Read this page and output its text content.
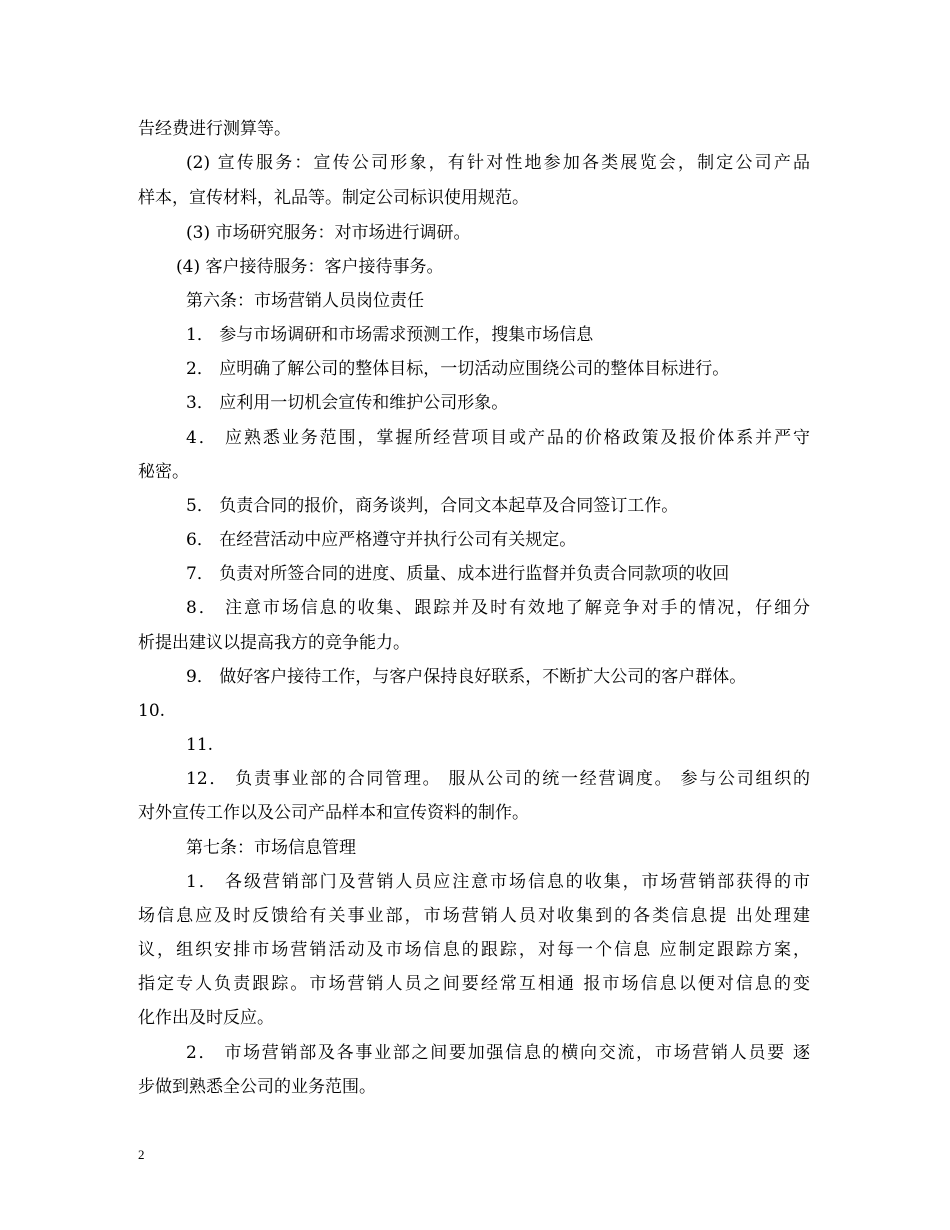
告经费进行测算等。
(2) 宣传服务：宣传公司形象，有针对性地参加各类展览会，制定公司产品
样本，宣传材料，礼品等。制定公司标识使用规范。
(3) 市场研究服务：对市场进行调研。
(4) 客户接待服务：客户接待事务。
第六条：市场营销人员岗位责任
1． 参与市场调研和市场需求预测工作，搜集市场信息
2． 应明确了解公司的整体目标，一切活动应围绕公司的整体目标进行。
3． 应利用一切机会宣传和维护公司形象。
4． 应熟悉业务范围，掌握所经营项目或产品的价格政策及报价体系并严守
秘密。
5． 负责合同的报价，商务谈判，合同文本起草及合同签订工作。
6． 在经营活动中应严格遵守并执行公司有关规定。
7． 负责对所签合同的进度、质量、成本进行监督并负责合同款项的收回
8． 注意市场信息的收集、跟踪并及时有效地了解竞争对手的情况，仔细分
析提出建议以提高我方的竞争能力。
9． 做好客户接待工作，与客户保持良好联系，不断扩大公司的客户群体。
10.
11.
12． 负责事业部的合同管理。 服从公司的统一经营调度。 参与公司组织的
对外宣传工作以及公司产品样本和宣传资料的制作。
第七条：市场信息管理
1． 各级营销部门及营销人员应注意市场信息的收集，市场营销部获得的市
场信息应及时反馈给有关事业部，市场营销人员对收集到的各类信息提 出处理建
议，组织安排市场营销活动及市场信息的跟踪，对每一个信息 应制定跟踪方案，
指定专人负责跟踪。市场营销人员之间要经常互相通 报市场信息以便对信息的变
化作出及时反应。
2． 市场营销部及各事业部之间要加强信息的横向交流，市场营销人员要 逐
步做到熟悉全公司的业务范围。
2
